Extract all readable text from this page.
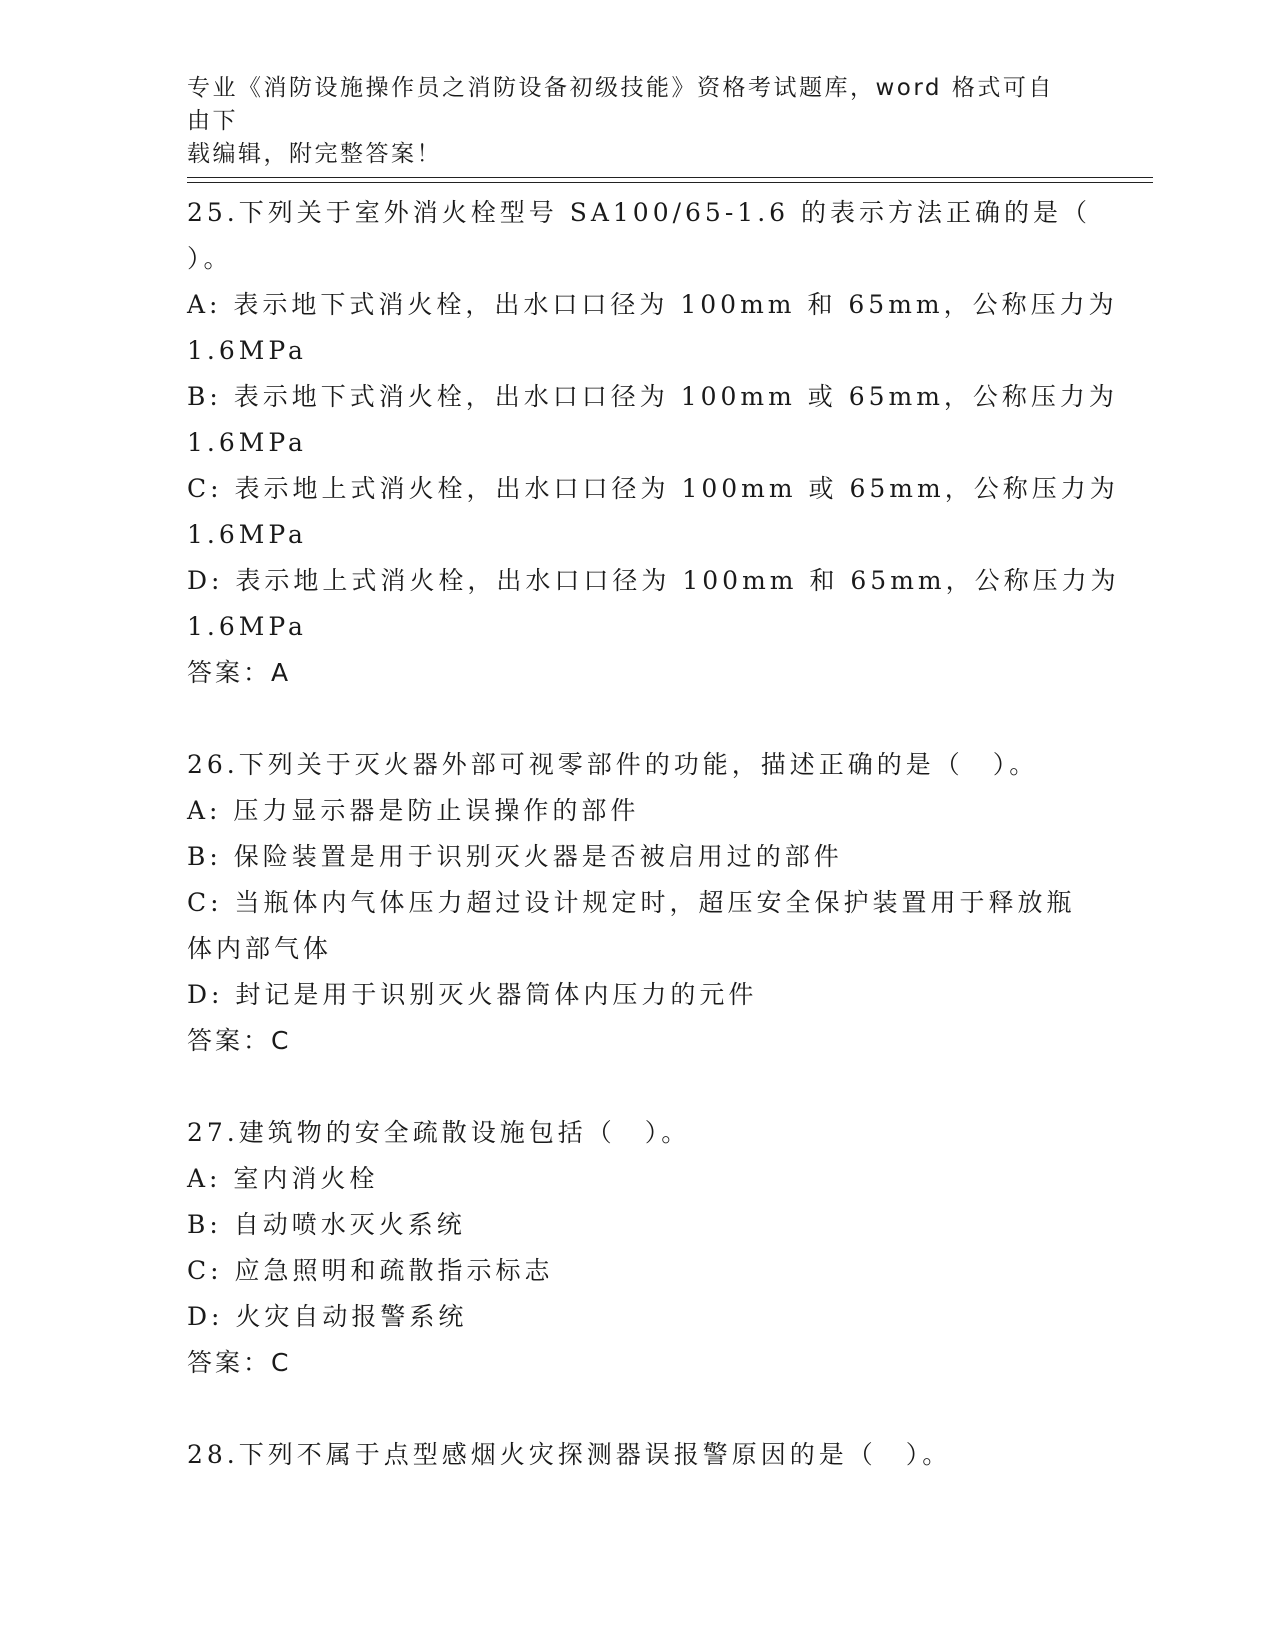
专业《消防设施操作员之消防设备初级技能》资格考试题库，word 格式可自由下
载编辑，附完整答案！
25.下列关于室外消火栓型号 SA100/65-1.6 的表示方法正确的是（
）。
A: 表示地下式消火栓，出水口口径为 100mm 和 65mm，公称压力为
1.6MPa
B: 表示地下式消火栓，出水口口径为 100mm 或 65mm，公称压力为
1.6MPa
C: 表示地上式消火栓，出水口口径为 100mm 或 65mm，公称压力为
1.6MPa
D: 表示地上式消火栓，出水口口径为 100mm 和 65mm，公称压力为
1.6MPa
答案：A
26.下列关于灭火器外部可视零部件的功能，描述正确的是（　）。
A: 压力显示器是防止误操作的部件
B: 保险装置是用于识别灭火器是否被启用过的部件
C: 当瓶体内气体压力超过设计规定时，超压安全保护装置用于释放瓶
体内部气体
D: 封记是用于识别灭火器筒体内压力的元件
答案：C
27.建筑物的安全疏散设施包括（　）。
A: 室内消火栓
B: 自动喷水灭火系统
C: 应急照明和疏散指示标志
D: 火灾自动报警系统
答案：C
28.下列不属于点型感烟火灾探测器误报警原因的是（　）。
